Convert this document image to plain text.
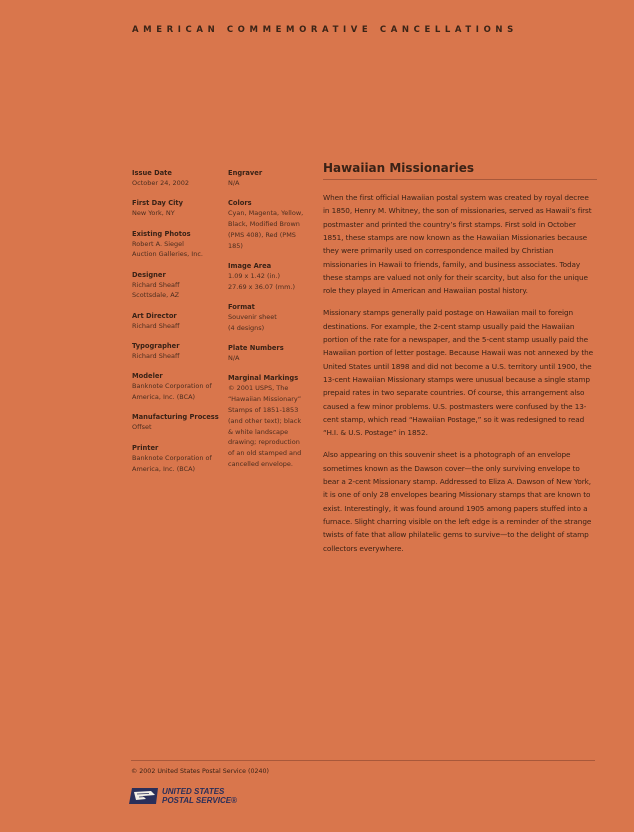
AMERICAN COMMEMORATIVE CANCELLATIONS
Issue Date
October 24, 2002
First Day City
New York, NY
Existing Photos
Robert A. Siegel
Auction Galleries, Inc.
Designer
Richard Sheaff
Scottsdale, AZ
Art Director
Richard Sheaff
Typographer
Richard Sheaff
Modeler
Banknote Corporation of
America, Inc. (BCA)
Manufacturing Process
Offset
Printer
Banknote Corporation of
America, Inc. (BCA)
Engraver
N/A
Colors
Cyan, Magenta, Yellow,
Black, Modified Brown
(PMS 408), Red (PMS 185)
Image Area
1.09 x 1.42 (in.)
27.69 x 36.07 (mm.)
Format
Souvenir sheet
(4 designs)
Plate Numbers
N/A
Marginal Markings
© 2001 USPS, The
“Hawaiian Missionary”
Stamps of 1851-1853
(and other text); black
& white landscape
drawing; reproduction
of an old stamped and
cancelled envelope.
Hawaiian Missionaries

When the first official Hawaiian postal system was created by royal decree in 1850, Henry M. Whitney, the son of missionaries, served as Hawaii’s first postmaster and printed the country’s first stamps. First sold in October 1851, these stamps are now known as the Hawaiian Missionaries because they were primarily used on correspondence mailed by Christian missionaries in Hawaii to friends, family, and business associates. Today these stamps are valued not only for their scarcity, but also for the unique role they played in American and Hawaiian postal history.

Missionary stamps generally paid postage on Hawaiian mail to foreign destinations. For example, the 2-cent stamp usually paid the Hawaiian portion of the rate for a newspaper, and the 5-cent stamp usually paid the Hawaiian portion of letter postage. Because Hawaii was not annexed by the United States until 1898 and did not become a U.S. territory until 1900, the 13-cent Hawaiian Missionary stamps were unusual because a single stamp prepaid rates in two separate countries. Of course, this arrangement also caused a few minor problems. U.S. postmasters were confused by the 13-cent stamp, which read “Hawaiian Postage,” so it was redesigned to read “H.I. & U.S. Postage” in 1852.

Also appearing on this souvenir sheet is a photograph of an envelope sometimes known as the Dawson cover—the only surviving envelope to bear a 2-cent Missionary stamp. Addressed to Eliza A. Dawson of New York, it is one of only 28 envelopes bearing Missionary stamps that are known to exist. Interestingly, it was found around 1905 among papers stuffed into a furnace. Slight charring visible on the left edge is a reminder of the strange twists of fate that allow philatelic gems to survive—to the delight of stamp collectors everywhere.

© 2002 United States Postal Service (0240)
UNITED STATES
POSTAL SERVICE®
